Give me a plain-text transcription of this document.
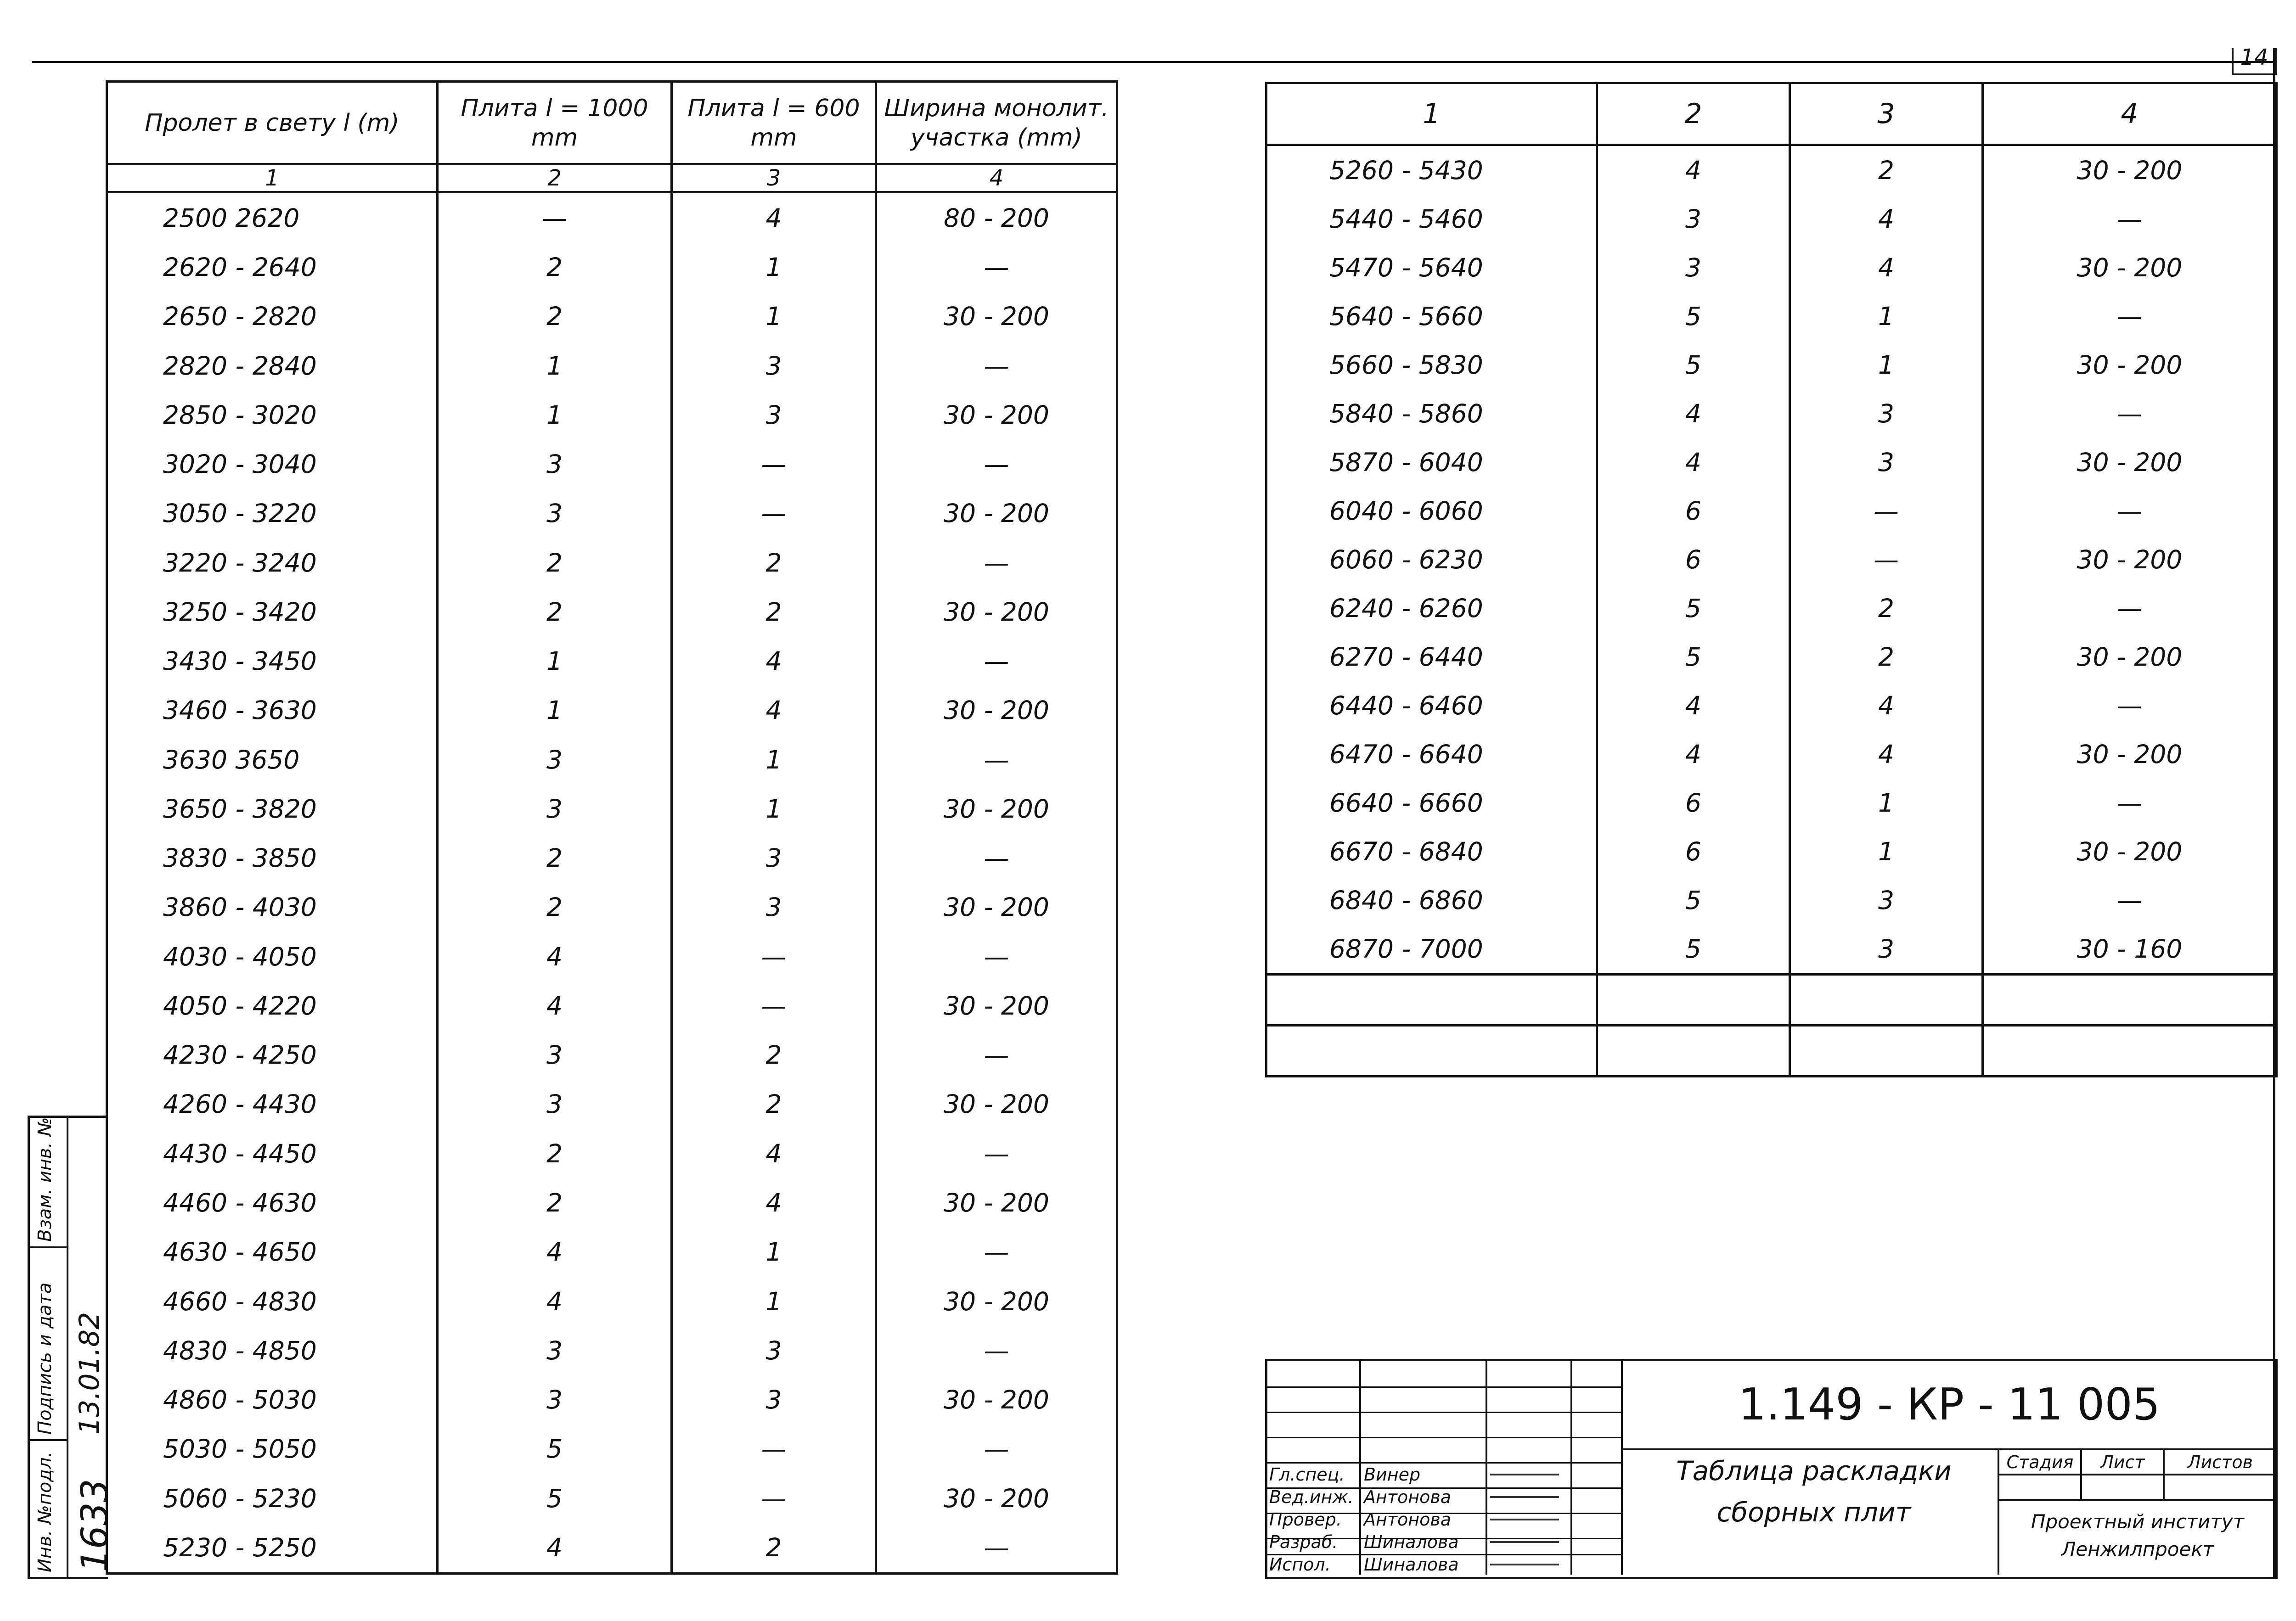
14
Пролет в свету l (m)	Плита l = 1000 mm	Плита l = 600 mm	Ширина монолит. участка (mm)
1	2	3	4
2500 2620	—	4	80 - 200
2620 - 2640	2	1	—
2650 - 2820	2	1	30 - 200
2820 - 2840	1	3	—
2850 - 3020	1	3	30 - 200
3020 - 3040	3	—	—
3050 - 3220	3	—	30 - 200
3220 - 3240	2	2	—
3250 - 3420	2	2	30 - 200
3430 - 3450	1	4	—
3460 - 3630	1	4	30 - 200
3630 3650	3	1	—
3650 - 3820	3	1	30 - 200
3830 - 3850	2	3	—
3860 - 4030	2	3	30 - 200
4030 - 4050	4	—	—
4050 - 4220	4	—	30 - 200
4230 - 4250	3	2	—
4260 - 4430	3	2	30 - 200
4430 - 4450	2	4	—
4460 - 4630	2	4	30 - 200
4630 - 4650	4	1	—
4660 - 4830	4	1	30 - 200
4830 - 4850	3	3	—
4860 - 5030	3	3	30 - 200
5030 - 5050	5	—	—
5060 - 5230	5	—	30 - 200
5230 - 5250	4	2	—
1	2	3	4
5260 - 5430	4	2	30 - 200
5440 - 5460	3	4	—
5470 - 5640	3	4	30 - 200
5640 - 5660	5	1	—
5660 - 5830	5	1	30 - 200
5840 - 5860	4	3	—
5870 - 6040	4	3	30 - 200
6040 - 6060	6	—	—
6060 - 6230	6	—	30 - 200
6240 - 6260	5	2	—
6270 - 6440	5	2	30 - 200
6440 - 6460	4	4	—
6470 - 6640	4	4	30 - 200
6640 - 6660	6	1	—
6670 - 6840	6	1	30 - 200
6840 - 6860	5	3	—
6870 - 7000	5	3	30 - 160

Инв. №подл.
Подпись и дата
Взам. инв. №
1633
13.01.82
Гл.спец. Винер
Вед.инж. Антонова
Провер. Антонова
Разраб. Шиналова
Испол. Шиналова
1.149 - КР - 11 005
Таблица раскладки
сборных плит
Стадия	Лист	Листов
Проектный институт
Ленжилпроект
